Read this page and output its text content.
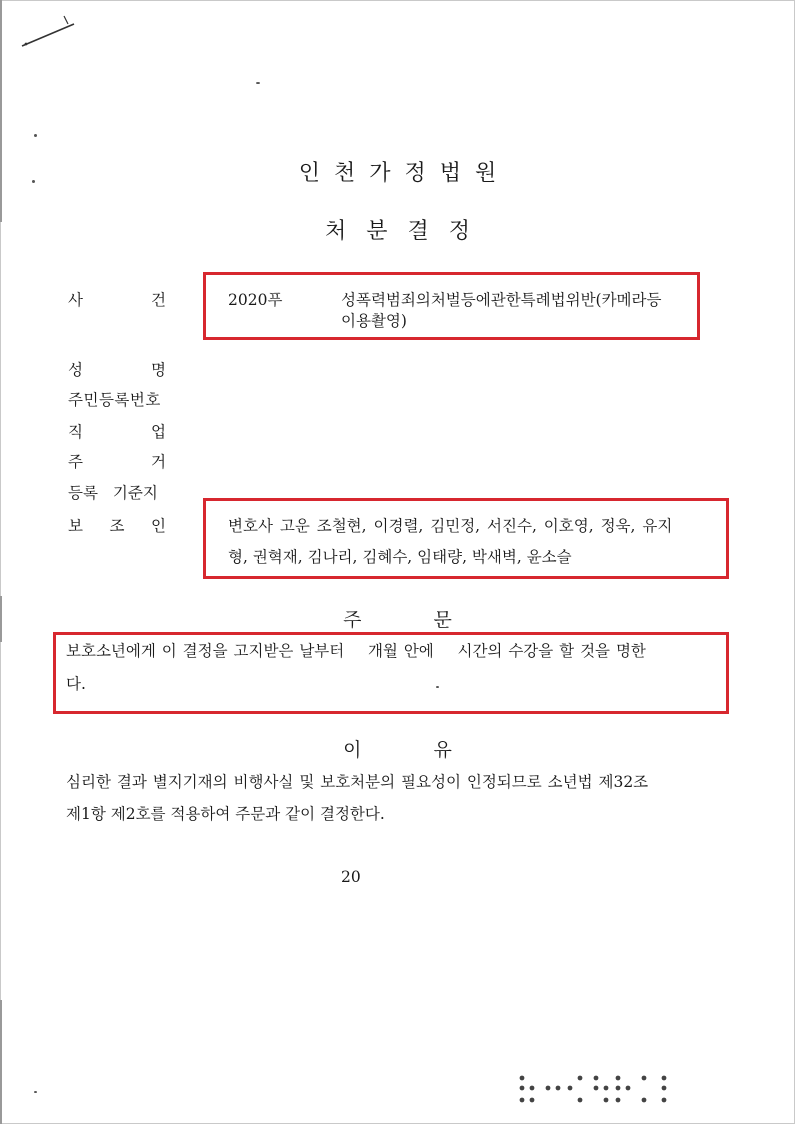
인천가정법원
처분결정
사 건	2020푸	성폭력범죄의처벌등에관한특례법위반(카메라등
이용촬영)
성 명
주민등록번호
직 업
주 거
등록 기준지
보 조 인	변호사 고운 조철현, 이경렬, 김민정, 서진수, 이호영, 정욱, 유지
형, 권혁재, 김나리, 김혜수, 임태량, 박새벽, 윤소슬
주	문
보호소년에게 이 결정을 고지받은 날부터    개월 안에    시간의 수강을 할 것을 명한
다.
이	유
심리한 결과 별지기재의 비행사실 및 보호처분의 필요성이 인정되므로 소년법 제32조
제1항 제2호를 적용하여 주문과 같이 결정한다.
20
